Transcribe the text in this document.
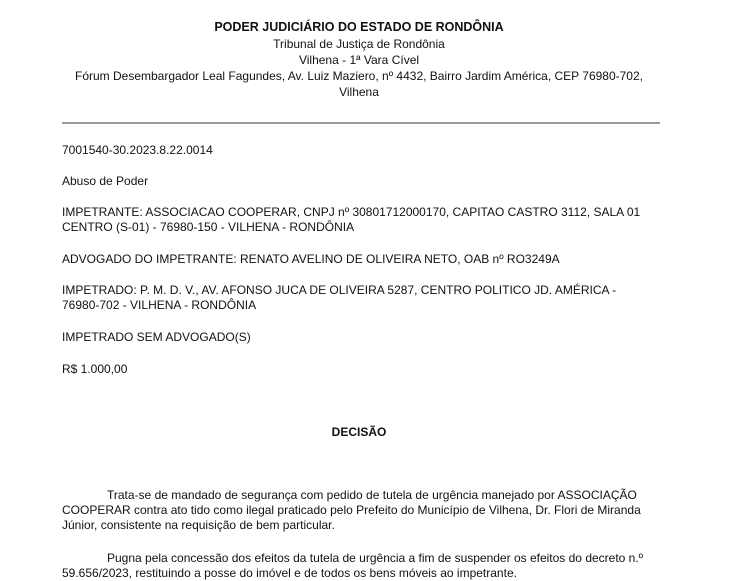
PODER JUDICIÁRIO DO ESTADO DE RONDÔNIA
Tribunal de Justiça de Rondônia
Vilhena - 1ª Vara Cível
Fórum Desembargador Leal Fagundes, Av. Luiz Maziero, nº 4432, Bairro Jardim América, CEP 76980-702,
Vilhena
7001540-30.2023.8.22.0014
Abuso de Poder
IMPETRANTE: ASSOCIACAO COOPERAR, CNPJ nº 30801712000170, CAPITAO CASTRO 3112, SALA 01
CENTRO (S-01) - 76980-150 - VILHENA - RONDÔNIA
ADVOGADO DO IMPETRANTE: RENATO AVELINO DE OLIVEIRA NETO, OAB nº RO3249A
IMPETRADO: P. M. D. V., AV. AFONSO JUCA DE OLIVEIRA 5287, CENTRO POLITICO JD. AMÉRICA -
76980-702 - VILHENA - RONDÔNIA
IMPETRADO SEM ADVOGADO(S)
R$ 1.000,00
DECISÃO
Trata-se de mandado de segurança com pedido de tutela de urgência manejado por ASSOCIAÇÃO
COOPERAR contra ato tido como ilegal praticado pelo Prefeito do Município de Vilhena, Dr. Flori de Miranda
Júnior, consistente na requisição de bem particular.
Pugna pela concessão dos efeitos da tutela de urgência a fim de suspender os efeitos do decreto n.º
59.656/2023, restituindo a posse do imóvel e de todos os bens móveis ao impetrante.
